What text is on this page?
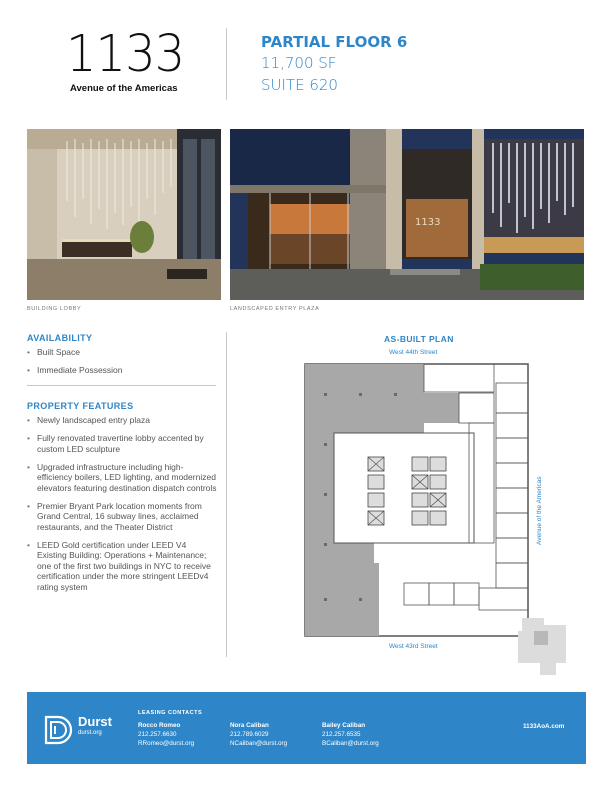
1133
Avenue of the Americas
PARTIAL FLOOR 6
11,700 SF
SUITE 620
1133
BUILDING LOBBY	LANDSCAPED ENTRY PLAZA
AVAILABILITY
• Built Space
• Immediate Possession
PROPERTY FEATURES
• Newly landscaped entry plaza
• Fully renovated travertine lobby accented by custom LED sculpture
• Upgraded infrastructure including high-efficiency boilers, LED lighting, and modernized elevators featuring destination dispatch controls
• Premier Bryant Park location moments from Grand Central, 16 subway lines, acclaimed restaurants, and the Theater District
• LEED Gold certification under LEED V4 Existing Building: Operations + Maintenance; one of the first two buildings in NYC to receive certification under the more stringent LEEDv4 rating system
AS-BUILT PLAN
West 44th Street
West 43rd Street
Avenue of the Americas
Durst
durst.org
LEASING CONTACTS
Rocco Romeo
212.257.6630
RRomeo@durst.org
Nora Caliban
212.789.6029
NCaliban@durst.org
Bailey Caliban
212.257.6535
BCaliban@durst.org
1133AoA.com
